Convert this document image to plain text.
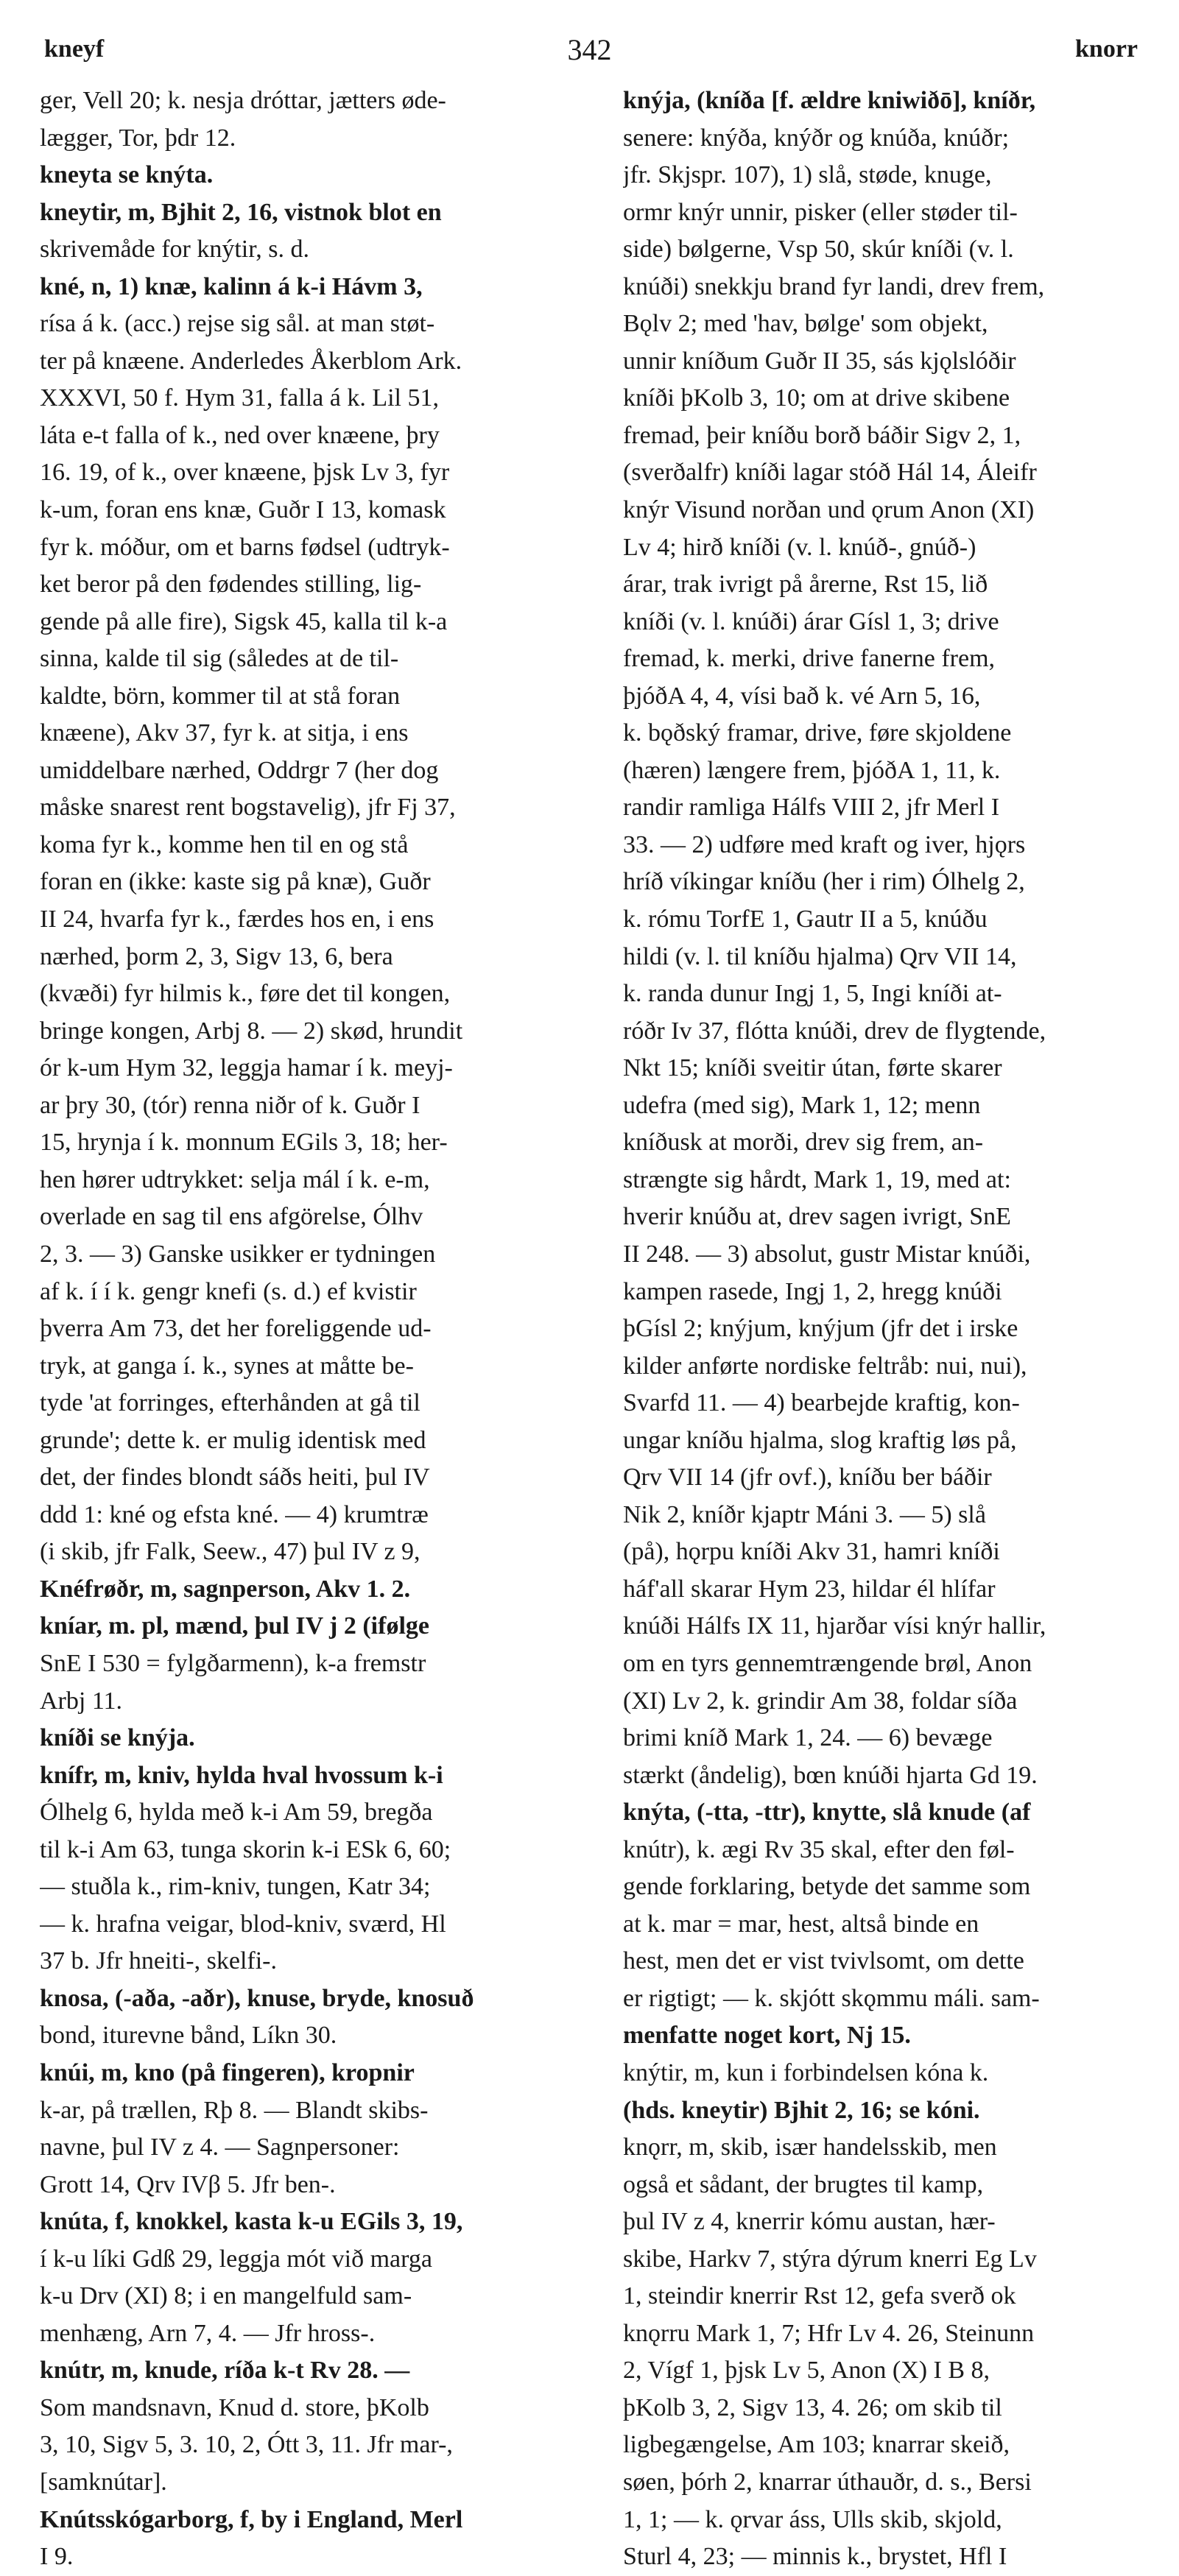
kneyf	342	knorr
ger, Vell 20; k. nesja dróttar, jætters øde-
lægger, Tor, þdr 12.
kneyta se knýta.
kneytir, m, Bjhit 2, 16, vistnok blot en
skrivemåde for knýtir, s. d.
kné, n, 1) knæ, kalinn á k-i Hávm 3,
rísa á k. (acc.) rejse sig sål. at man støt-
ter på knæene. Anderledes Åkerblom Ark.
XXXVI, 50 f. Hym 31, falla á k. Lil 51,
láta e-t falla of k., ned over knæene, þry
16. 19, of k., over knæene, þjsk Lv 3, fyr
k-um, foran ens knæ, Guðr I 13, komask
fyr k. móður, om et barns fødsel (udtryk-
ket beror på den fødendes stilling, lig-
gende på alle fire), Sigsk 45, kalla til k-a
sinna, kalde til sig (således at de til-
kaldte, börn, kommer til at stå foran
knæene), Akv 37, fyr k. at sitja, i ens
umiddelbare nærhed, Oddrgr 7 (her dog
måske snarest rent bogstavelig), jfr Fj 37,
koma fyr k., komme hen til en og stå
foran en (ikke: kaste sig på knæ), Guðr
II 24, hvarfa fyr k., færdes hos en, i ens
nærhed, þorm 2, 3, Sigv 13, 6, bera
(kvæði) fyr hilmis k., føre det til kongen,
bringe kongen, Arbj 8. — 2) skød, hrundit
ór k-um Hym 32, leggja hamar í k. meyj-
ar þry 30, (tór) renna niðr of k. Guðr I
15, hrynja í k. monnum EGils 3, 18; her-
hen hører udtrykket: selja mál í k. e-m,
overlade en sag til ens afgörelse, Ólhv
2, 3. — 3) Ganske usikker er tydningen
af k. í í k. gengr knefi (s. d.) ef kvistir
þverra Am 73, det her foreliggende ud-
tryk, at ganga í. k., synes at måtte be-
tyde 'at forringes, efterhånden at gå til
grunde'; dette k. er mulig identisk med
det, der findes blondt sáðs heiti, þul IV
ddd 1: kné og efsta kné. — 4) krumtræ
(i skib, jfr Falk, Seew., 47) þul IV z 9,
Knéfrøðr, m, sagnperson, Akv 1. 2.
kníar, m. pl, mænd, þul IV j 2 (ifølge
SnE I 530 = fylgðarmenn), k-a fremstr
Arbj 11.
kníði se knýja.
knífr, m, kniv, hylda hval hvossum k-i
Ólhelg 6, hylda með k-i Am 59, bregða
til k-i Am 63, tunga skorin k-i ESk 6, 60;
— stuðla k., rim-kniv, tungen, Katr 34;
— k. hrafna veigar, blod-kniv, sværd, Hl
37 b. Jfr hneiti-, skelfi-.
knosa, (-aða, -aðr), knuse, bryde, knosuð
bond, iturevne bånd, Líkn 30.
knúi, m, kno (på fingeren), kropnir
k-ar, på trællen, Rþ 8. — Blandt skibs-
navne, þul IV z 4. — Sagnpersoner:
Grott 14, Qrv IVβ 5. Jfr ben-.
knúta, f, knokkel, kasta k-u EGils 3, 19,
í k-u líki Gdß 29, leggja mót við marga
k-u Drv (XI) 8; i en mangelfuld sam-
menhæng, Arn 7, 4. — Jfr hross-.
knútr, m, knude, ríða k-t Rv 28. —
Som mandsnavn, Knud d. store, þKolb
3, 10, Sigv 5, 3. 10, 2, Ótt 3, 11. Jfr mar-,
[samknútar].
Knútsskógarborg, f, by i England, Merl
I 9.
knýja, (kníða [f. ældre kniwiðō], kníðr,
senere: knýða, knýðr og knúða, knúðr;
jfr. Skjspr. 107), 1) slå, støde, knuge,
ormr knýr unnir, pisker (eller støder til-
side) bølgerne, Vsp 50, skúr kníði (v. l.
knúði) snekkju brand fyr landi, drev frem,
Bǫlv 2; med 'hav, bølge' som objekt,
unnir kníðum Guðr II 35, sás kjǫlslóðir
kníði þKolb 3, 10; om at drive skibene
fremad, þeir kníðu borð báðir Sigv 2, 1,
(sverðalfr) kníði lagar stóð Hál 14, Áleifr
knýr Visund norðan und ǫrum Anon (XI)
Lv 4; hirð kníði (v. l. knúð-, gnúð-)
árar, trak ivrigt på årerne, Rst 15, lið
kníði (v. l. knúði) árar Gísl 1, 3; drive
fremad, k. merki, drive fanerne frem,
þjóðA 4, 4, vísi bað k. vé Arn 5, 16,
k. bǫðský framar, drive, føre skjoldene
(hæren) længere frem, þjóðA 1, 11, k.
randir ramliga Hálfs VIII 2, jfr Merl I
33. — 2) udføre med kraft og iver, hjǫrs
hríð víkingar kníðu (her i rim) Ólhelg 2,
k. rómu TorfE 1, Gautr II a 5, knúðu
hildi (v. l. til kníðu hjalma) Qrv VII 14,
k. randa dunur Ingj 1, 5, Ingi kníði at-
róðr Iv 37, flótta knúði, drev de flygtende,
Nkt 15; kníði sveitir útan, førte skarer
udefra (med sig), Mark 1, 12; menn
kníðusk at morði, drev sig frem, an-
strængte sig hårdt, Mark 1, 19, med at:
hverir knúðu at, drev sagen ivrigt, SnE
II 248. — 3) absolut, gustr Mistar knúði,
kampen rasede, Ingj 1, 2, hregg knúði
þGísl 2; knýjum, knýjum (jfr det i irske
kilder anførte nordiske feltråb: nui, nui),
Svarfd 11. — 4) bearbejde kraftig, kon-
ungar kníðu hjalma, slog kraftig løs på,
Qrv VII 14 (jfr ovf.), kníðu ber báðir
Nik 2, kníðr kjaptr Máni 3. — 5) slå
(på), hǫrpu kníði Akv 31, hamri kníði
háf'all skarar Hym 23, hildar él hlífar
knúði Hálfs IX 11, hjarðar vísi knýr hallir,
om en tyrs gennemtrængende brøl, Anon
(XI) Lv 2, k. grindir Am 38, foldar síða
brimi kníð Mark 1, 24. — 6) bevæge
stærkt (åndelig), bœn knúði hjarta Gd 19.
knýta, (-tta, -ttr), knytte, slå knude (af
knútr), k. ægi Rv 35 skal, efter den føl-
gende forklaring, betyde det samme som
at k. mar = mar, hest, altså binde en
hest, men det er vist tvivlsomt, om dette
er rigtigt; — k. skjótt skǫmmu máli. sam-
menfatte noget kort, Nj 15.
knýtir, m, kun i forbindelsen kóna k.
(hds. kneytir) Bjhit 2, 16; se kóni.
knǫrr, m, skib, især handelsskib, men
også et sådant, der brugtes til kamp,
þul IV z 4, knerrir kómu austan, hær-
skibe, Harkv 7, stýra dýrum knerri Eg Lv
1, steindir knerrir Rst 12, gefa sverð ok
knǫrru Mark 1, 7; Hfr Lv 4. 26, Steinunn
2, Vígf 1, þjsk Lv 5, Anon (X) I B 8,
þKolb 3, 2, Sigv 13, 4. 26; om skib til
ligbegængelse, Am 103; knarrar skeið,
søen, þórh 2, knarrar úthauðr, d. s., Bersi
1, 1; — k. ǫrvar áss, Ulls skib, skjold,
Sturl 4, 23; — minnis k., brystet, Hfl I
